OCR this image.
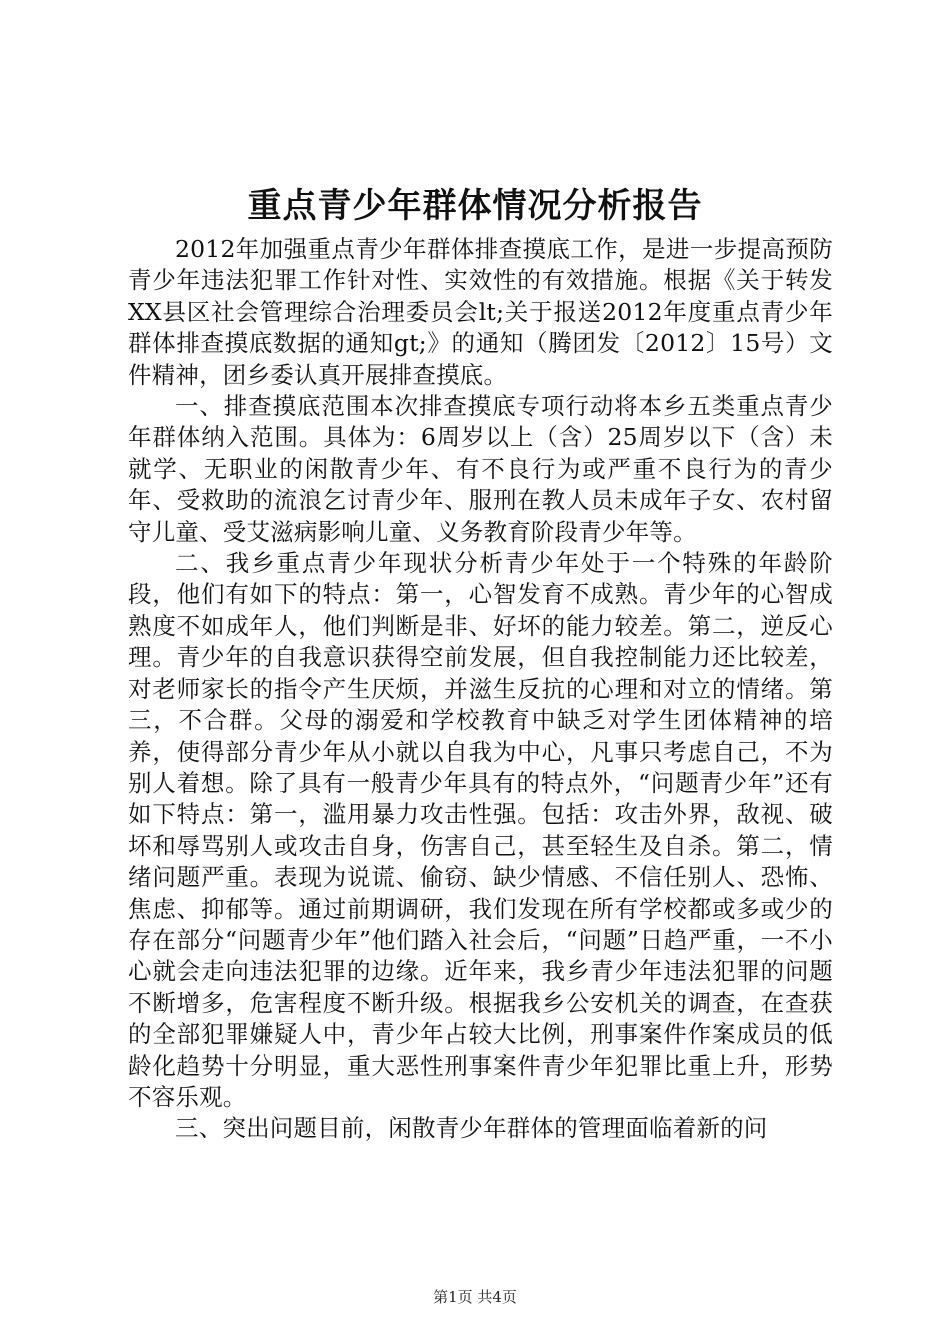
重点青少年群体情况分析报告

2012年加强重点青少年群体排查摸底工作，是进一步提高预防青少年违法犯罪工作针对性、实效性的有效措施。根据《关于转发XX县区社会管理综合治理委员会lt;关于报送2012年度重点青少年群体排查摸底数据的通知gt;》的通知（腾团发〔2012〕15号）文件精神，团乡委认真开展排查摸底。

一、排查摸底范围本次排查摸底专项行动将本乡五类重点青少年群体纳入范围。具体为：6周岁以上（含）25周岁以下（含）未就学、无职业的闲散青少年、有不良行为或严重不良行为的青少年、受救助的流浪乞讨青少年、服刑在教人员未成年子女、农村留守儿童、受艾滋病影响儿童、义务教育阶段青少年等。

二、我乡重点青少年现状分析青少年处于一个特殊的年龄阶段，他们有如下的特点：第一，心智发育不成熟。青少年的心智成熟度不如成年人，他们判断是非、好坏的能力较差。第二，逆反心理。青少年的自我意识获得空前发展，但自我控制能力还比较差，对老师家长的指令产生厌烦，并滋生反抗的心理和对立的情绪。第三，不合群。父母的溺爱和学校教育中缺乏对学生团体精神的培养，使得部分青少年从小就以自我为中心，凡事只考虑自己，不为别人着想。除了具有一般青少年具有的特点外，“问题青少年”还有如下特点：第一，滥用暴力攻击性强。包括：攻击外界，敌视、破坏和辱骂别人或攻击自身，伤害自己，甚至轻生及自杀。第二，情绪问题严重。表现为说谎、偷窃、缺少情感、不信任别人、恐怖、焦虑、抑郁等。通过前期调研，我们发现在所有学校都或多或少的存在部分“问题青少年”他们踏入社会后，“问题”日趋严重，一不小心就会走向违法犯罪的边缘。近年来，我乡青少年违法犯罪的问题不断增多，危害程度不断升级。根据我乡公安机关的调查，在查获的全部犯罪嫌疑人中，青少年占较大比例，刑事案件作案成员的低龄化趋势十分明显，重大恶性刑事案件青少年犯罪比重上升，形势不容乐观。

三、突出问题目前，闲散青少年群体的管理面临着新的问

第1页 共4页
